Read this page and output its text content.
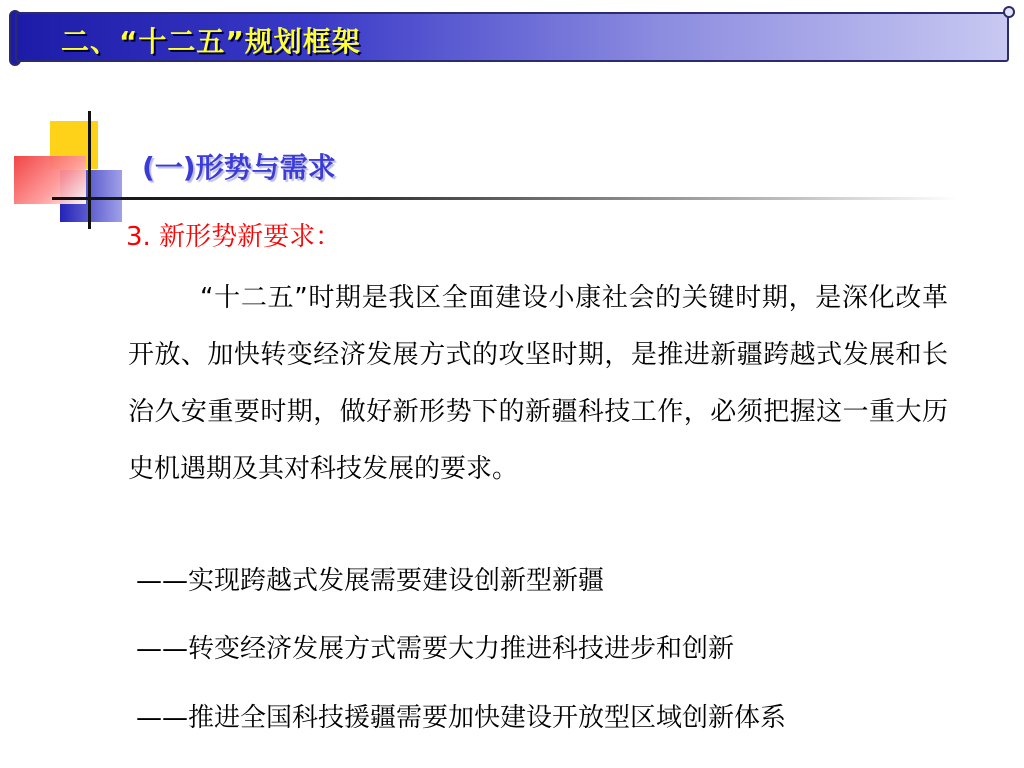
二、“十二五”规划框架
(一)形势与需求
3. 新形势新要求：
“十二五”时期是我区全面建设小康社会的关键时期，是深化改革开放、加快转变经济发展方式的攻坚时期，是推进新疆跨越式发展和长治久安重要时期，做好新形势下的新疆科技工作，必须把握这一重大历史机遇期及其对科技发展的要求。
——实现跨越式发展需要建设创新型新疆
——转变经济发展方式需要大力推进科技进步和创新
——推进全国科技援疆需要加快建设开放型区域创新体系
